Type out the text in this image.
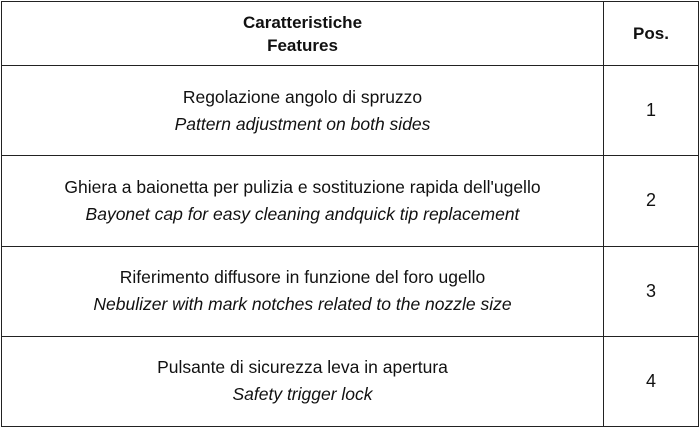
Caratteristiche
Features	Pos.

Regolazione angolo di spruzzo
Pattern adjustment on both sides	1

Ghiera a baionetta per pulizia e sostituzione rapida dell'ugello
Bayonet cap for easy cleaning andquick tip replacement	2

Riferimento diffusore in funzione del foro ugello
Nebulizer with mark notches related to the nozzle size	3

Pulsante di sicurezza leva in apertura
Safety trigger lock	4
